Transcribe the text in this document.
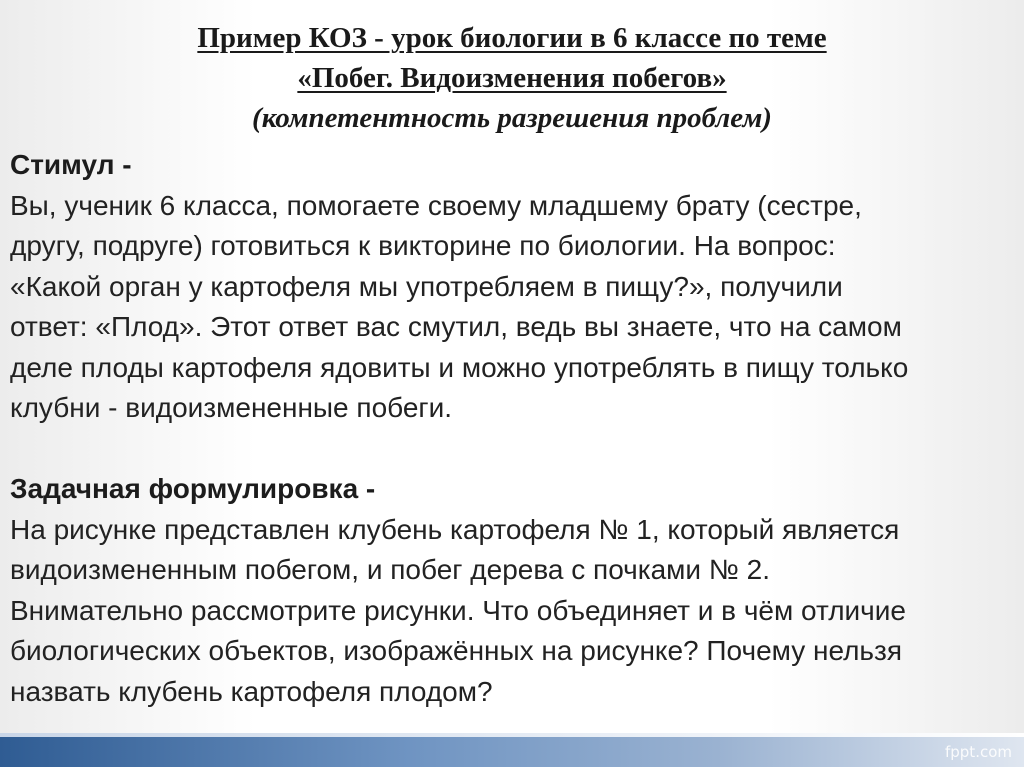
Пример КОЗ - урок биологии в 6 классе по теме
«Побег. Видоизменения побегов»
(компетентность разрешения проблем)
Стимул -
Вы, ученик 6 класса, помогаете своему младшему брату (сестре,
другу, подруге) готовиться к викторине по биологии. На вопрос:
«Какой орган у картофеля мы употребляем в пищу?», получили
ответ: «Плод». Этот ответ вас смутил, ведь вы знаете, что на самом
деле плоды картофеля ядовиты и можно употреблять в пищу только
клубни - видоизмененные побеги.
Задачная формулировка -
На рисунке представлен клубень картофеля № 1, который является
видоизмененным побегом, и побег дерева с почками № 2.
Внимательно рассмотрите рисунки. Что объединяет и в чём отличие
биологических объектов, изображённых на рисунке? Почему нельзя
назвать клубень картофеля плодом?
fppt.com
